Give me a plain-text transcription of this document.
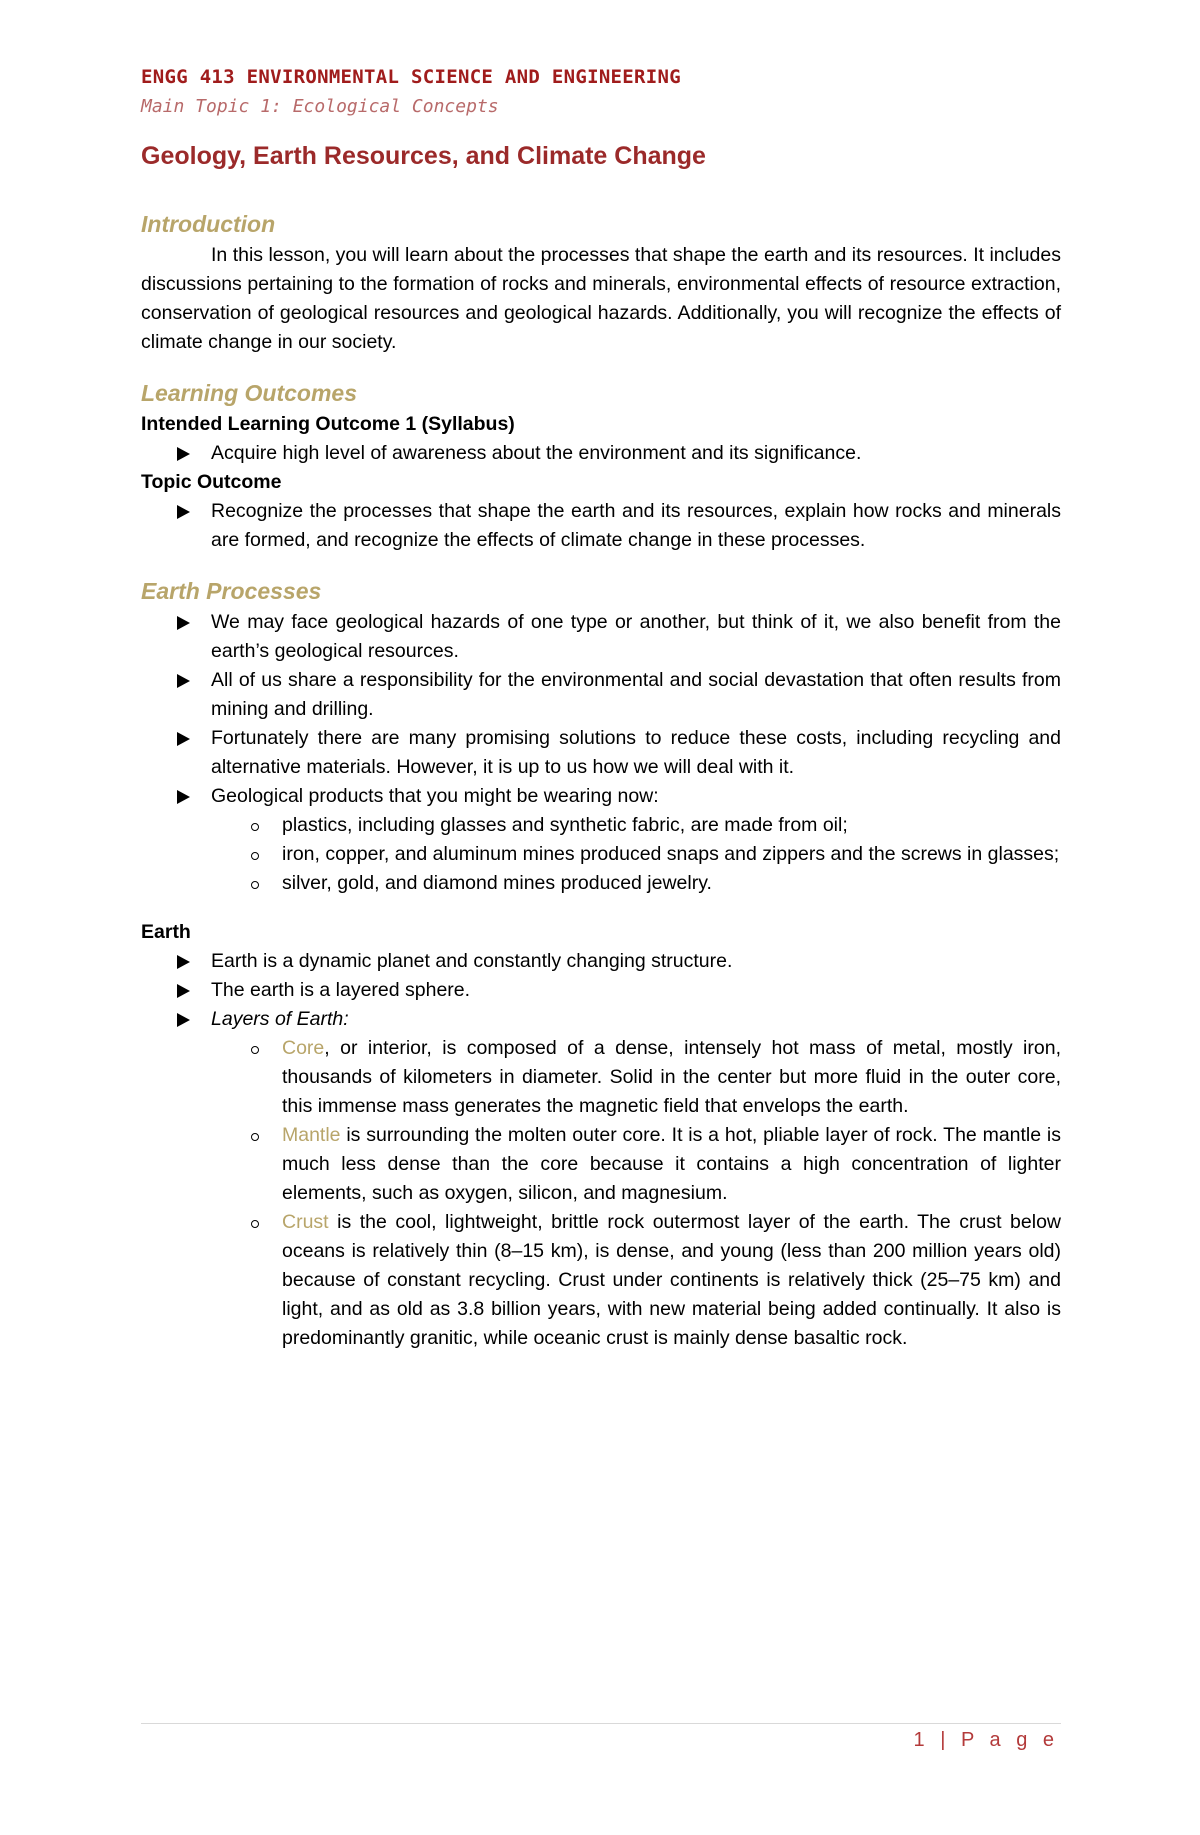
ENGG 413 ENVIRONMENTAL SCIENCE AND ENGINEERING

Main Topic 1: Ecological Concepts

Geology, Earth Resources, and Climate Change
Introduction

In this lesson, you will learn about the processes that shape the earth and its resources. It includes discussions pertaining to the formation of rocks and minerals, environmental effects of resource extraction, conservation of geological resources and geological hazards. Additionally, you will recognize the effects of climate change in our society.

Learning Outcomes

Intended Learning Outcome 1 (Syllabus)

Acquire high level of awareness about the environment and its significance.

Topic Outcome

Recognize the processes that shape the earth and its resources, explain how rocks and minerals are formed, and recognize the effects of climate change in these processes.
Earth Processes
We may face geological hazards of one type or another, but think of it, we also benefit from the earth’s geological resources.
All of us share a responsibility for the environmental and social devastation that often results from mining and drilling.
Fortunately there are many promising solutions to reduce these costs, including recycling and alternative materials. However, it is up to us how we will deal with it.
Geological products that you might be wearing now:
plastics, including glasses and synthetic fabric, are made from oil;
iron, copper, and aluminum mines produced snaps and zippers and the screws in glasses;
silver, gold, and diamond mines produced jewelry.

Earth

Earth is a dynamic planet and constantly changing structure.
The earth is a layered sphere.
Layers of Earth:
Core, or interior, is composed of a dense, intensely hot mass of metal, mostly iron, thousands of kilometers in diameter. Solid in the center but more fluid in the outer core, this immense mass generates the magnetic field that envelops the earth.
Mantle is surrounding the molten outer core. It is a hot, pliable layer of rock. The mantle is much less dense than the core because it contains a high concentration of lighter elements, such as oxygen, silicon, and magnesium.
Crust is the cool, lightweight, brittle rock outermost layer of the earth. The crust below oceans is relatively thin (8–15 km), is dense, and young (less than 200 million years old) because of constant recycling. Crust under continents is relatively thick (25–75 km) and light, and as old as 3.8 billion years, with new material being added continually. It also is predominantly granitic, while oceanic crust is mainly dense basaltic rock.
1 | P a g e
